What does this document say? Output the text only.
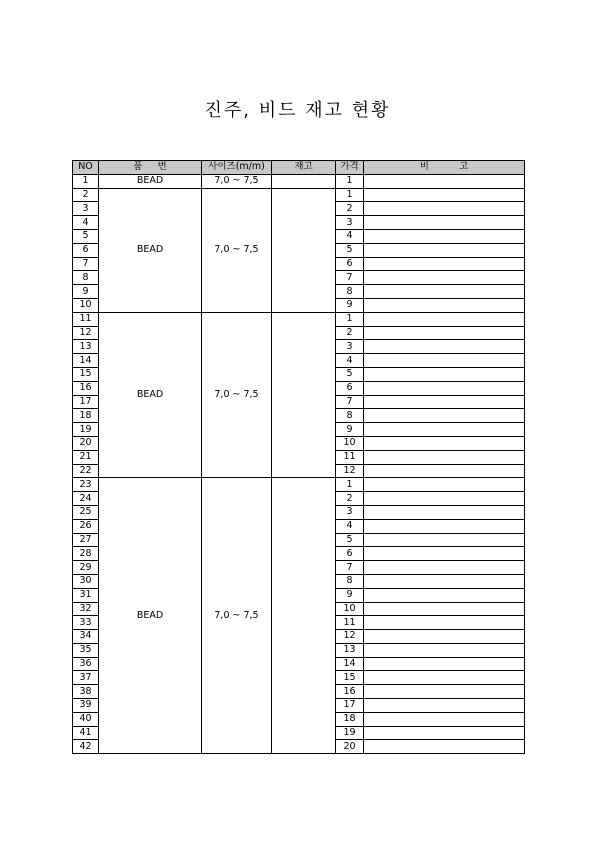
진주, 비드 재고 현황
NO	품     번	사이즈(m/m)	재고	가격	비          고
1	BEAD	7,0 ~ 7,5		1	
2	BEAD	7,0 ~ 7,5		1	
3				2	
4				3	
5				4	
6				5	
7				6	
8				7	
9				8	
10				9	
11	BEAD	7,0 ~ 7,5		1	
12				2	
13				3	
14				4	
15				5	
16				6	
17				7	
18				8	
19				9	
20				10	
21				11	
22				12	
23	BEAD	7,0 ~ 7,5		1	
24				2	
25				3	
26				4	
27				5	
28				6	
29				7	
30				8	
31				9	
32				10	
33				11	
34				12	
35				13	
36				14	
37				15	
38				16	
39				17	
40				18	
41				19	
42				20	
